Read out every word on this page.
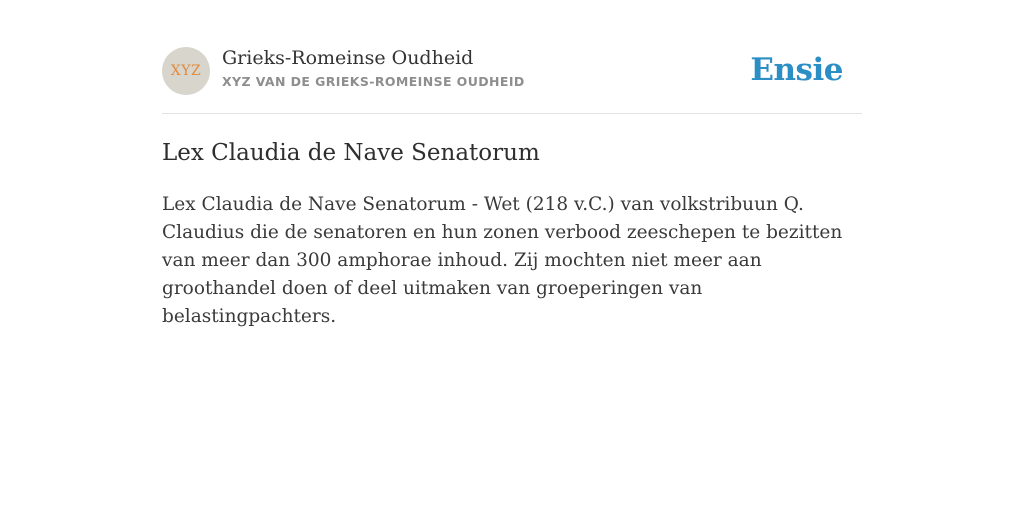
XYZ
Grieks-Romeinse Oudheid
XYZ VAN DE GRIEKS-ROMEINSE OUDHEID	Ensie
Lex Claudia de Nave Senatorum

Lex Claudia de Nave Senatorum - Wet (218 v.C.) van volkstribuun Q. Claudius die de senatoren en hun zonen verbood zeeschepen te bezitten van meer dan 300 amphorae inhoud. Zij mochten niet meer aan groothandel doen of deel uitmaken van groeperingen van belastingpachters.
